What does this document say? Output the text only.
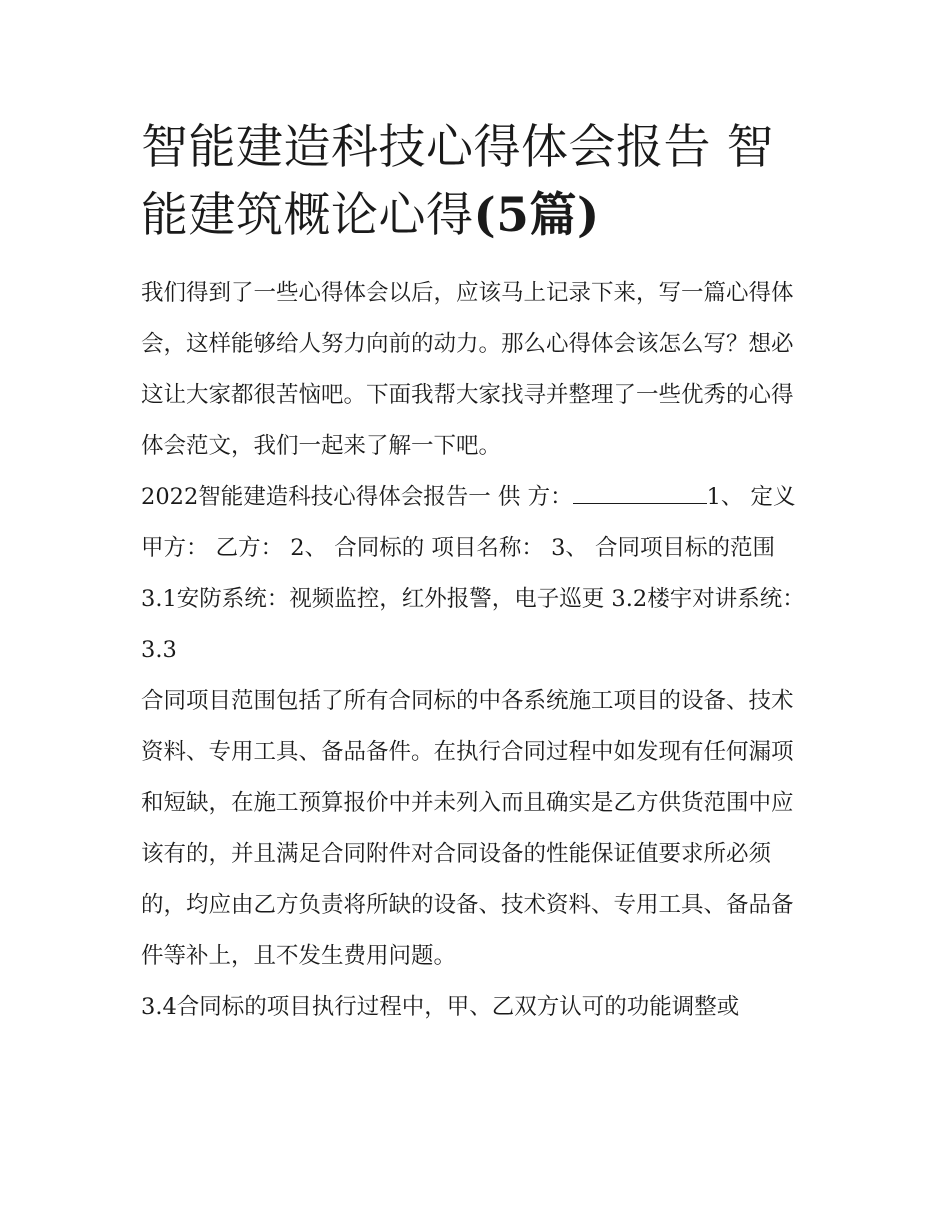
智能建造科技心得体会报告 智
能建筑概论心得(5篇)

我们得到了一些心得体会以后，应该马上记录下来，写一篇心得体会，这样能够给人努力向前的动力。那么心得体会该怎么写？想必这让大家都很苦恼吧。下面我帮大家找寻并整理了一些优秀的心得体会范文，我们一起来了解一下吧。

2022智能建造科技心得体会报告一 供 方：	1、 定义 甲方： 乙方： 2、 合同标的 项目名称： 3、 合同项目标的范围

3.1安防系统：视频监控，红外报警，电子巡更 3.2楼宇对讲系统： 3.3

合同项目范围包括了所有合同标的中各系统施工项目的设备、技术资料、专用工具、备品备件。在执行合同过程中如发现有任何漏项和短缺，在施工预算报价中并未列入而且确实是乙方供货范围中应该有的，并且满足合同附件对合同设备的性能保证值要求所必须的，均应由乙方负责将所缺的设备、技术资料、专用工具、备品备件等补上，且不发生费用问题。

3.4合同标的项目执行过程中，甲、乙双方认可的功能调整或
